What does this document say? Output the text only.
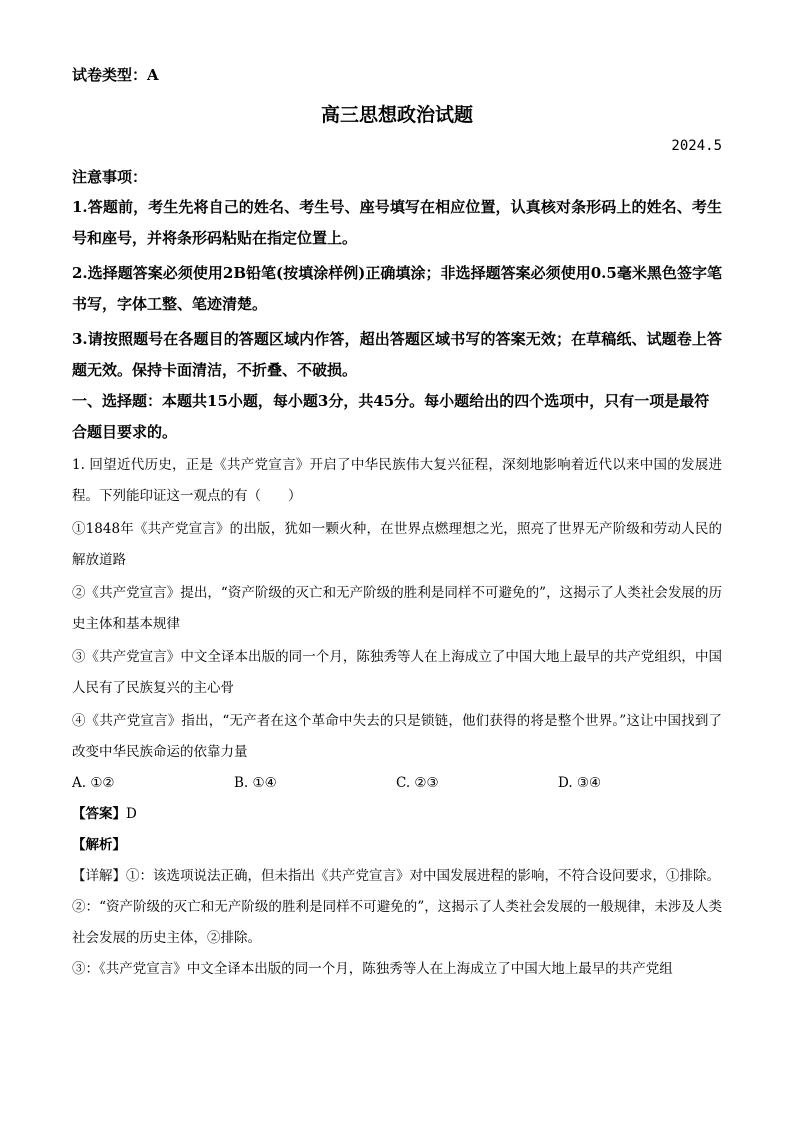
试卷类型：A
高三思想政治试题
2024.5
注意事项：
1.答题前，考生先将自己的姓名、考生号、座号填写在相应位置，认真核对条形码上的姓名、考生号和座号，并将条形码粘贴在指定位置上。
2.选择题答案必须使用2B铅笔(按填涂样例)正确填涂；非选择题答案必须使用0.5毫米黑色签字笔书写，字体工整、笔迹清楚。
3.请按照题号在各题目的答题区域内作答，超出答题区域书写的答案无效；在草稿纸、试题卷上答题无效。保持卡面清洁，不折叠、不破损。
一、选择题：本题共15小题，每小题3分，共45分。每小题给出的四个选项中，只有一项是最符合题目要求的。
1. 回望近代历史，正是《共产党宣言》开启了中华民族伟大复兴征程，深刻地影响着近代以来中国的发展进程。下列能印证这一观点的有（　　）
①1848年《共产党宣言》的出版，犹如一颗火种，在世界点燃理想之光，照亮了世界无产阶级和劳动人民的解放道路
②《共产党宣言》提出，“资产阶级的灭亡和无产阶级的胜利是同样不可避免的”，这揭示了人类社会发展的历史主体和基本规律
③《共产党宣言》中文全译本出版的同一个月，陈独秀等人在上海成立了中国大地上最早的共产党组织，中国人民有了民族复兴的主心骨
④《共产党宣言》指出，“无产者在这个革命中失去的只是锁链，他们获得的将是整个世界。”这让中国找到了改变中华民族命运的依靠力量
A. ①②	B. ①④	C. ②③	D. ③④
【答案】D
【解析】
【详解】①：该选项说法正确，但未指出《共产党宣言》对中国发展进程的影响，不符合设问要求，①排除。
②：“资产阶级的灭亡和无产阶级的胜利是同样不可避免的”，这揭示了人类社会发展的一般规律，未涉及人类社会发展的历史主体，②排除。
③：《共产党宣言》中文全译本出版的同一个月，陈独秀等人在上海成立了中国大地上最早的共产党组
